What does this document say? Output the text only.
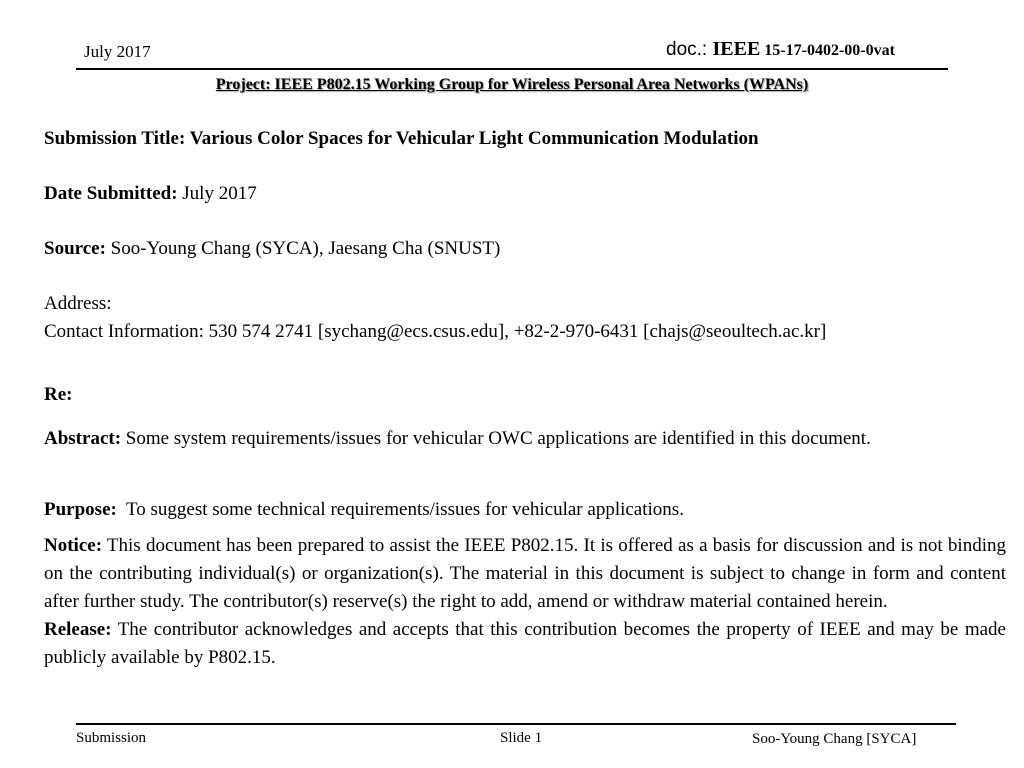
July 2017	doc.: IEEE 15-17-0402-00-0vat
Project: IEEE P802.15 Working Group for Wireless Personal Area Networks (WPANs)
Submission Title: Various Color Spaces for Vehicular Light Communication Modulation
Date Submitted: July 2017
Source: Soo-Young Chang (SYCA), Jaesang Cha (SNUST)
Address:
Contact Information: 530 574 2741 [sychang@ecs.csus.edu], +82-2-970-6431 [chajs@seoultech.ac.kr]
Re:
Abstract: Some system requirements/issues for vehicular OWC applications are identified in this document.
Purpose:  To suggest some technical requirements/issues for vehicular applications.
Notice: This document has been prepared to assist the IEEE P802.15. It is offered as a basis for discussion and is not binding on the contributing individual(s) or organization(s). The material in this document is subject to change in form and content after further study. The contributor(s) reserve(s) the right to add, amend or withdraw material contained herein.
Release: The contributor acknowledges and accepts that this contribution becomes the property of IEEE and may be made publicly available by P802.15.
Submission	Slide 1	Soo-Young Chang [SYCA]
